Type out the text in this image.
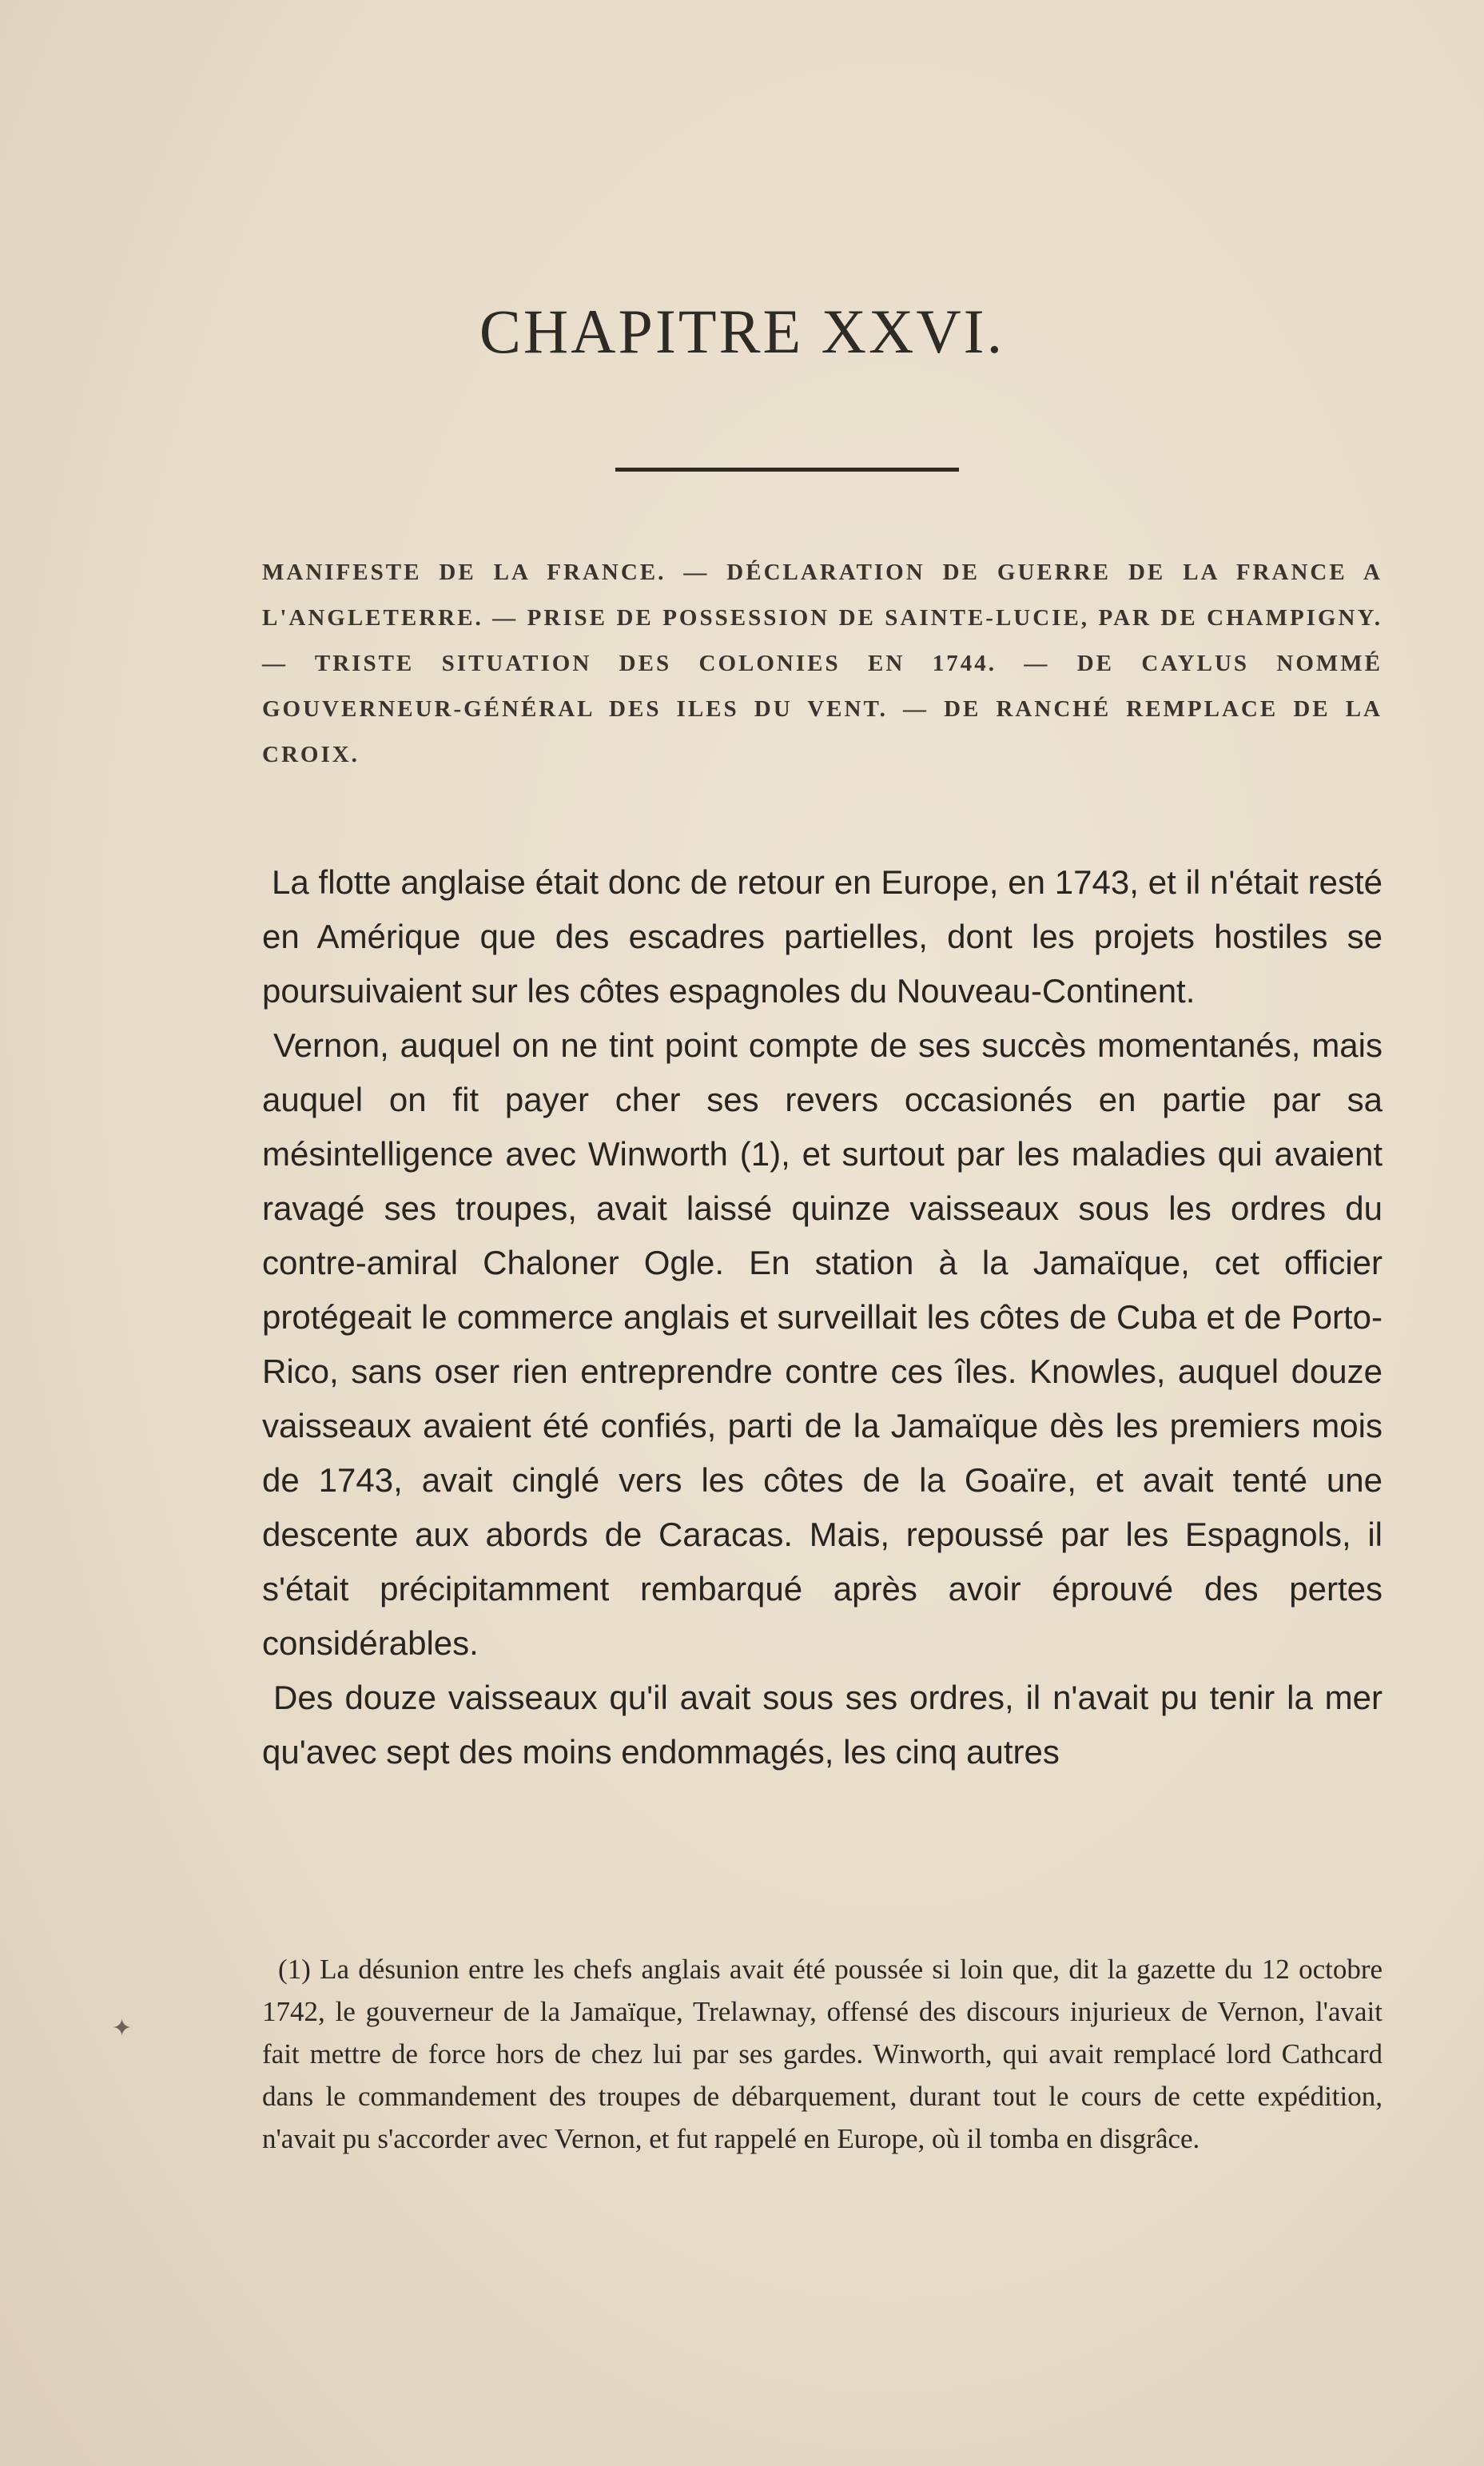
CHAPITRE XXVI.
MANIFESTE DE LA FRANCE. — DÉCLARATION DE GUERRE DE LA FRANCE A L'ANGLETERRE. — PRISE DE POSSESSION DE SAINTE-LUCIE, PAR DE CHAMPIGNY. — TRISTE SITUATION DES COLONIES EN 1744. — DE CAYLUS NOMMÉ GOUVERNEUR-GÉNÉRAL DES ILES DU VENT. — DE RANCHÉ REMPLACE DE LA CROIX.

La flotte anglaise était donc de retour en Europe, en 1743, et il n'était resté en Amérique que des escadres partielles, dont les projets hostiles se poursuivaient sur les côtes espagnoles du Nouveau-Continent.

Vernon, auquel on ne tint point compte de ses succès momentanés, mais auquel on fit payer cher ses revers occasionés en partie par sa mésintelligence avec Winworth (1), et surtout par les maladies qui avaient ravagé ses troupes, avait laissé quinze vaisseaux sous les ordres du contre-amiral Chaloner Ogle. En station à la Jamaïque, cet officier protégeait le commerce anglais et surveillait les côtes de Cuba et de Porto-Rico, sans oser rien entreprendre contre ces îles. Knowles, auquel douze vaisseaux avaient été confiés, parti de la Jamaïque dès les premiers mois de 1743, avait cinglé vers les côtes de la Goaïre, et avait tenté une descente aux abords de Caracas. Mais, repoussé par les Espagnols, il s'était précipitamment rembarqué après avoir éprouvé des pertes considérables.

Des douze vaisseaux qu'il avait sous ses ordres, il n'avait pu tenir la mer qu'avec sept des moins endommagés, les cinq autres

(1) La désunion entre les chefs anglais avait été poussée si loin que, dit la gazette du 12 octobre 1742, le gouverneur de la Jamaïque, Trelawnay, offensé des discours injurieux de Vernon, l'avait fait mettre de force hors de chez lui par ses gardes. Winworth, qui avait remplacé lord Cathcard dans le commandement des troupes de débarquement, durant tout le cours de cette expédition, n'avait pu s'accorder avec Vernon, et fut rappelé en Europe, où il tomba en disgrâce.
✦
